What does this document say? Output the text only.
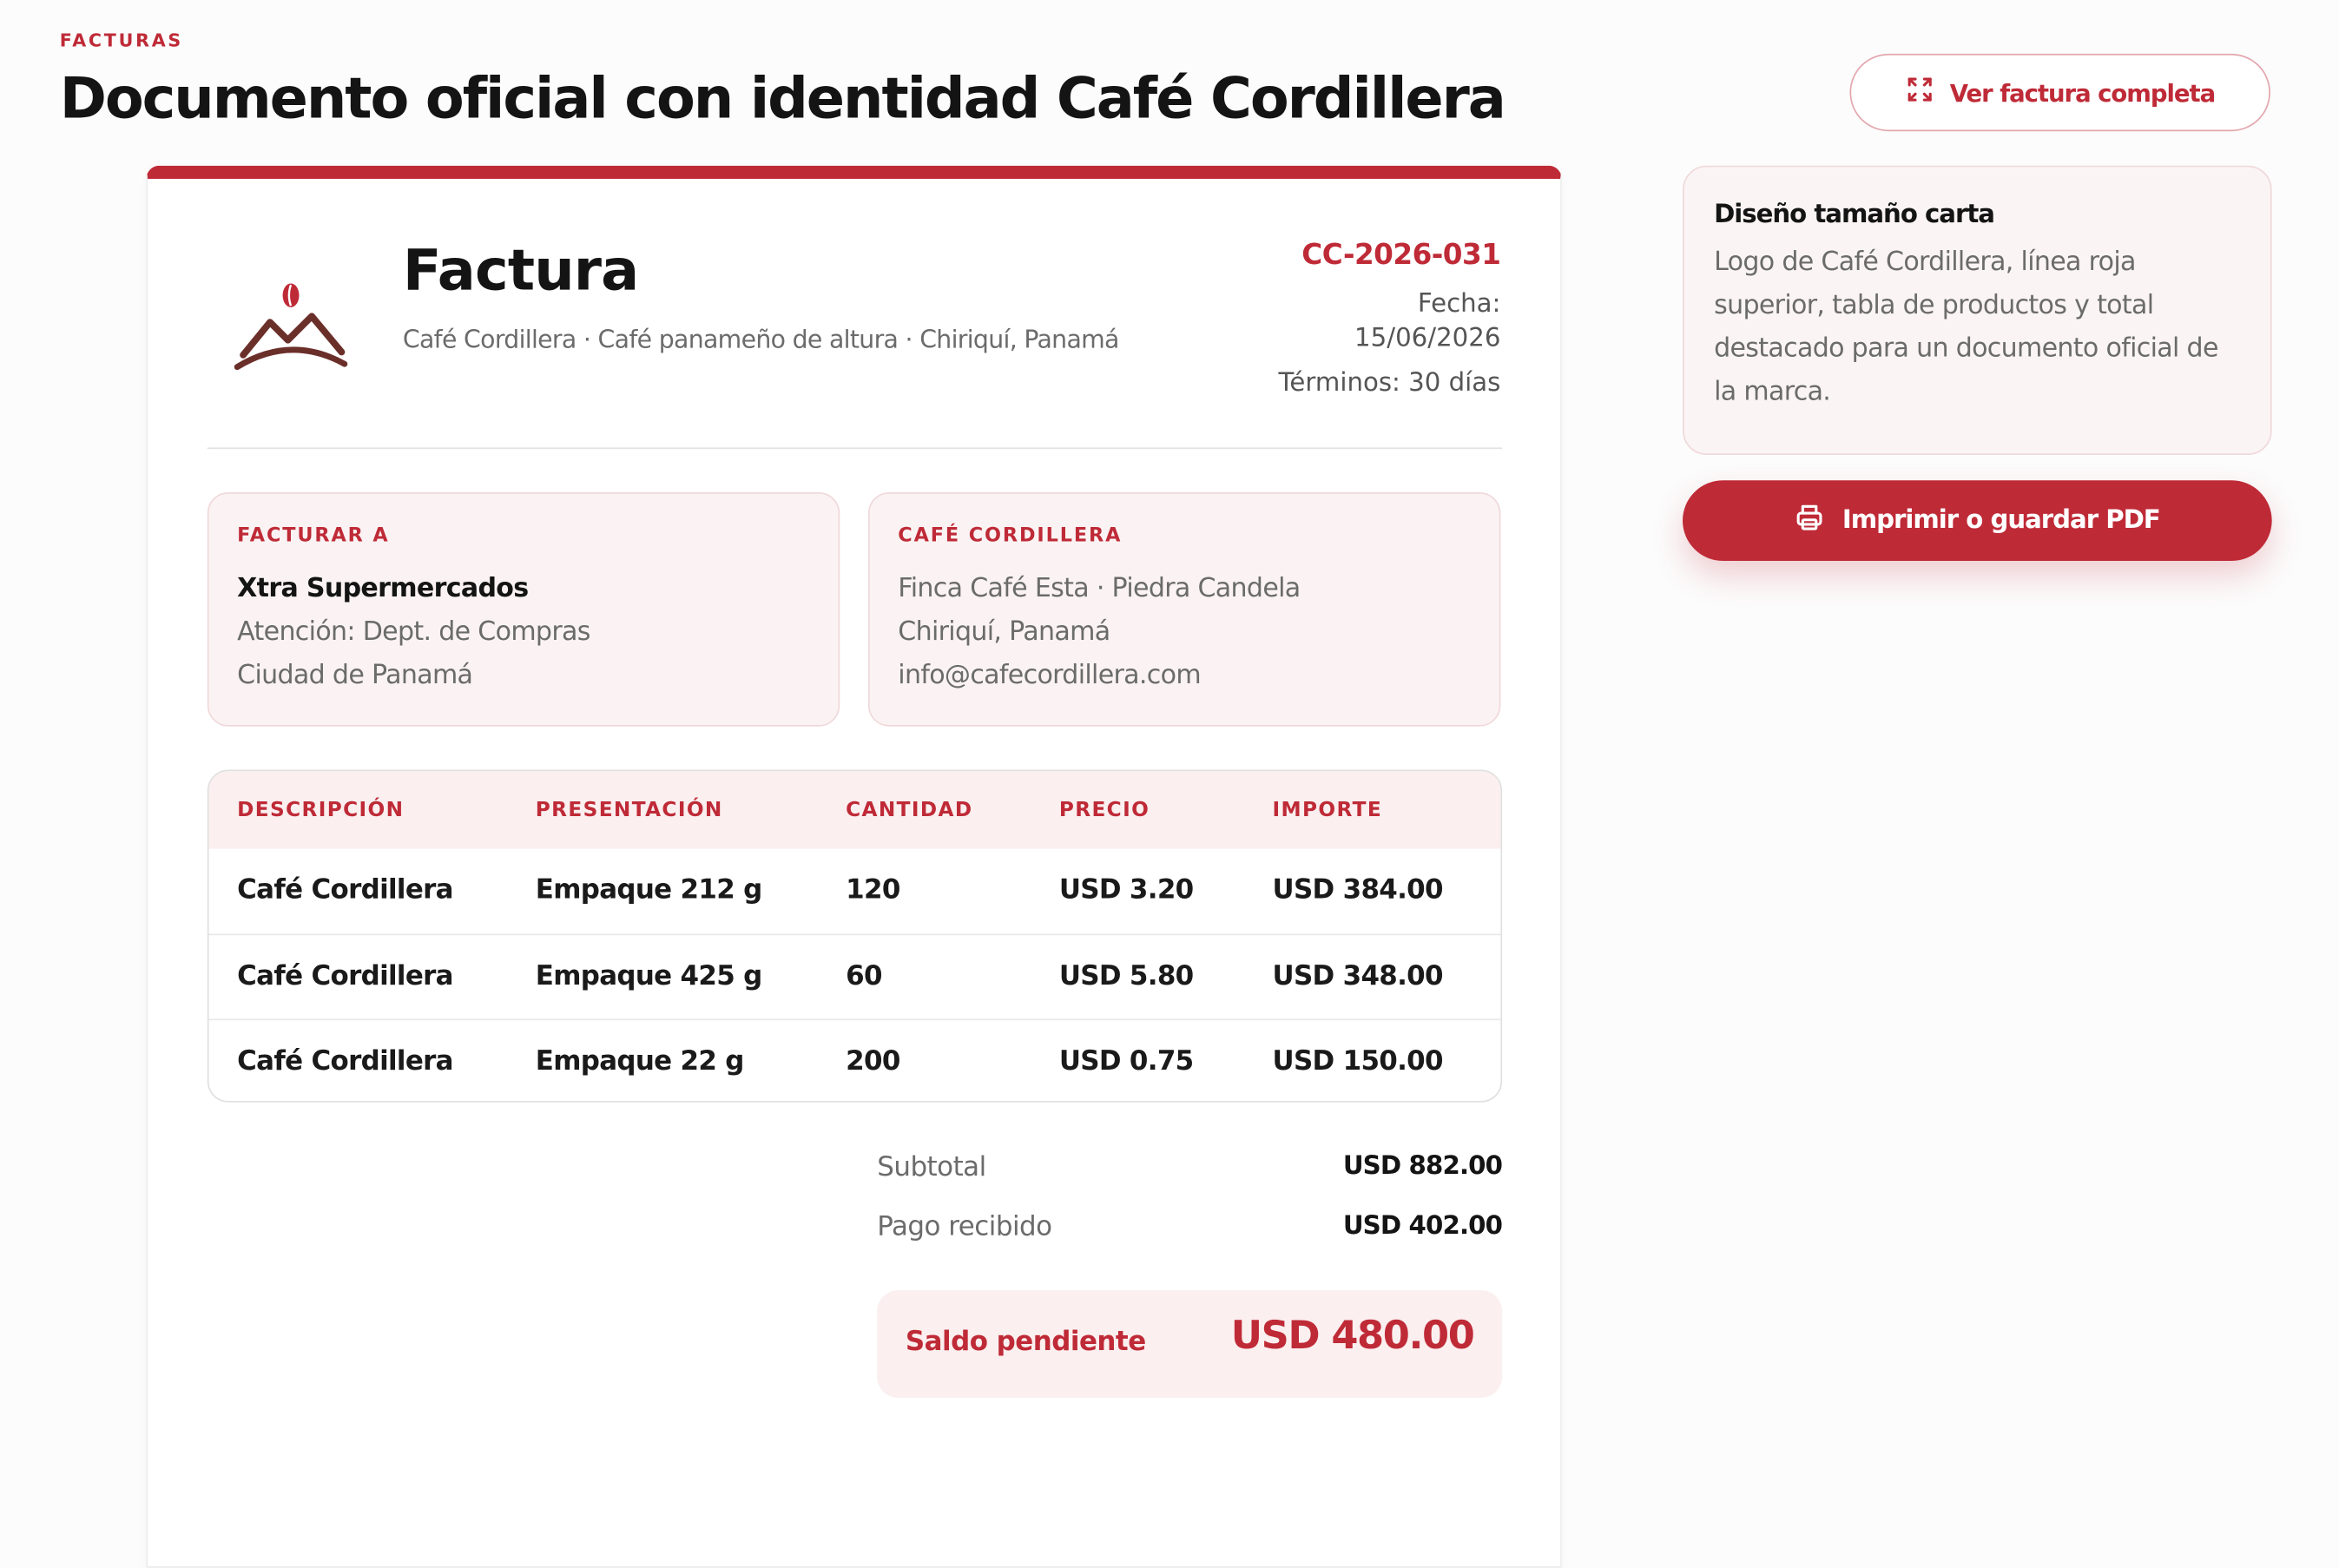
FACTURAS
Documento oficial con identidad Café Cordillera	Ver factura completa
Factura
Café Cordillera · Café panameño de altura · Chiriquí, Panamá
CC-2026-031
Fecha:
15/06/2026
Términos: 30 días
FACTURAR A
Xtra Supermercados
Atención: Dept. de Compras
Ciudad de Panamá
CAFÉ CORDILLERA
Finca Café Esta · Piedra Candela
Chiriquí, Panamá
info@cafecordillera.com
DESCRIPCIÓN	PRESENTACIÓN	CANTIDAD	PRECIO	IMPORTE
Café Cordillera	Empaque 212 g	120	USD 3.20	USD 384.00
Café Cordillera	Empaque 425 g	60	USD 5.80	USD 348.00
Café Cordillera	Empaque 22 g	200	USD 0.75	USD 150.00
Subtotal	USD 882.00
Pago recibido	USD 402.00
Saldo pendiente	USD 480.00
Diseño tamaño carta
Logo de Café Cordillera, línea roja superior, tabla de productos y total destacado para un documento oficial de la marca.
Imprimir o guardar PDF
